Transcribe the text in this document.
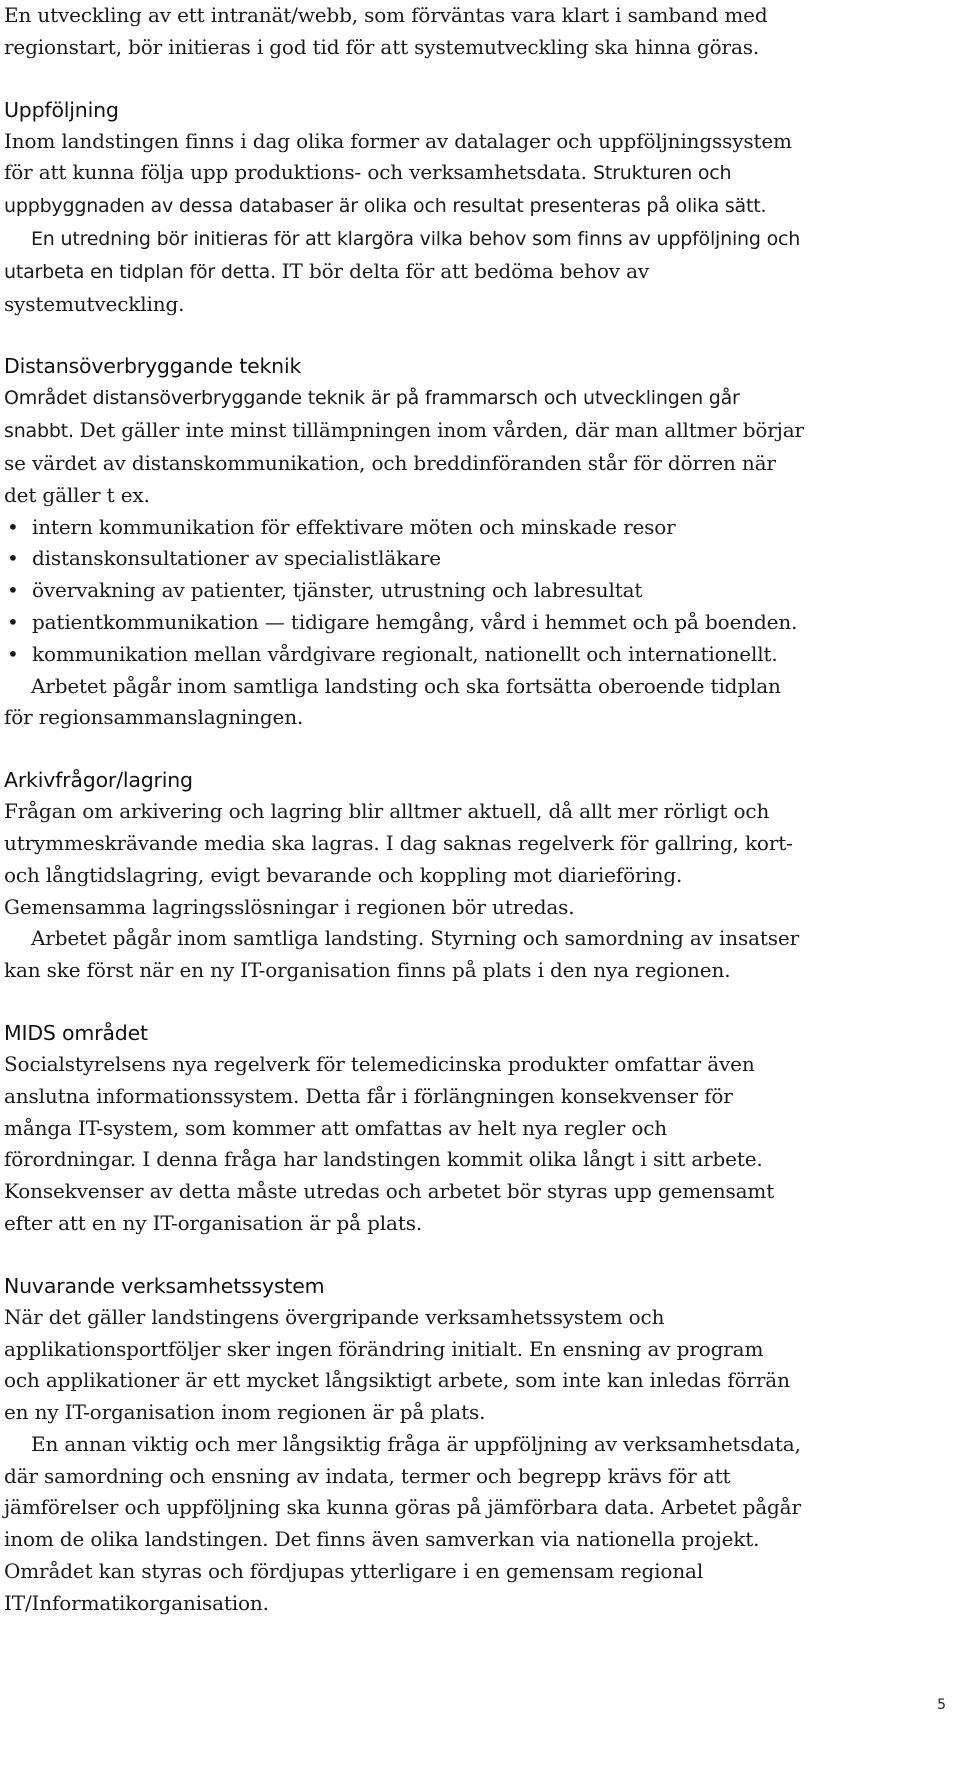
En utveckling av ett intranät/webb, som förväntas vara klart i samband med regionstart, bör initieras i god tid för att systemutveckling ska hinna göras.

Uppföljning

Inom landstingen finns i dag olika former av datalager och uppföljningssystem för att kunna följa upp produktions- och verksamhetsdata. Strukturen och uppbyggnaden av dessa databaser är olika och resultat presenteras på olika sätt.

En utredning bör initieras för att klargöra vilka behov som finns av uppföljning och utarbeta en tidplan för detta. IT bör delta för att bedöma behov av systemutveckling.

Distansöverbryggande teknik

Området distansöverbryggande teknik är på frammarsch och utvecklingen går snabbt. Det gäller inte minst tillämpningen inom vården, där man alltmer börjar se värdet av distanskommunikation, och breddinföranden står för dörren när det gäller t ex.

• intern kommunikation för effektivare möten och minskade resor
• distanskonsultationer av specialistläkare
• övervakning av patienter, tjänster, utrustning och labresultat
• patientkommunikation — tidigare hemgång, vård i hemmet och på boenden.
• kommunikation mellan vårdgivare regionalt, nationellt och internationellt.

Arbetet pågår inom samtliga landsting och ska fortsätta oberoende tidplan för regionsammanslagningen.

Arkivfrågor/lagring

Frågan om arkivering och lagring blir alltmer aktuell, då allt mer rörligt och utrymmeskrävande media ska lagras. I dag saknas regelverk för gallring, kort- och långtidslagring, evigt bevarande och koppling mot diarieföring. Gemensamma lagringsslösningar i regionen bör utredas.

Arbetet pågår inom samtliga landsting. Styrning och samordning av insatser kan ske först när en ny IT-organisation finns på plats i den nya regionen.

MIDS området

Socialstyrelsens nya regelverk för telemedicinska produkter omfattar även anslutna informationssystem. Detta får i förlängningen konsekvenser för många IT-system, som kommer att omfattas av helt nya regler och förordningar. I denna fråga har landstingen kommit olika långt i sitt arbete. Konsekvenser av detta måste utredas och arbetet bör styras upp gemensamt efter att en ny IT-organisation är på plats.

Nuvarande verksamhetssystem

När det gäller landstingens övergripande verksamhetssystem och applikationsportföljer sker ingen förändring initialt. En ensning av program och applikationer är ett mycket långsiktigt arbete, som inte kan inledas förrän en ny IT-organisation inom regionen är på plats.

En annan viktig och mer långsiktig fråga är uppföljning av verksamhetsdata, där samordning och ensning av indata, termer och begrepp krävs för att jämförelser och uppföljning ska kunna göras på jämförbara data. Arbetet pågår inom de olika landstingen. Det finns även samverkan via nationella projekt. Området kan styras och fördjupas ytterligare i en gemensam regional IT/Informatikorganisation.

5
